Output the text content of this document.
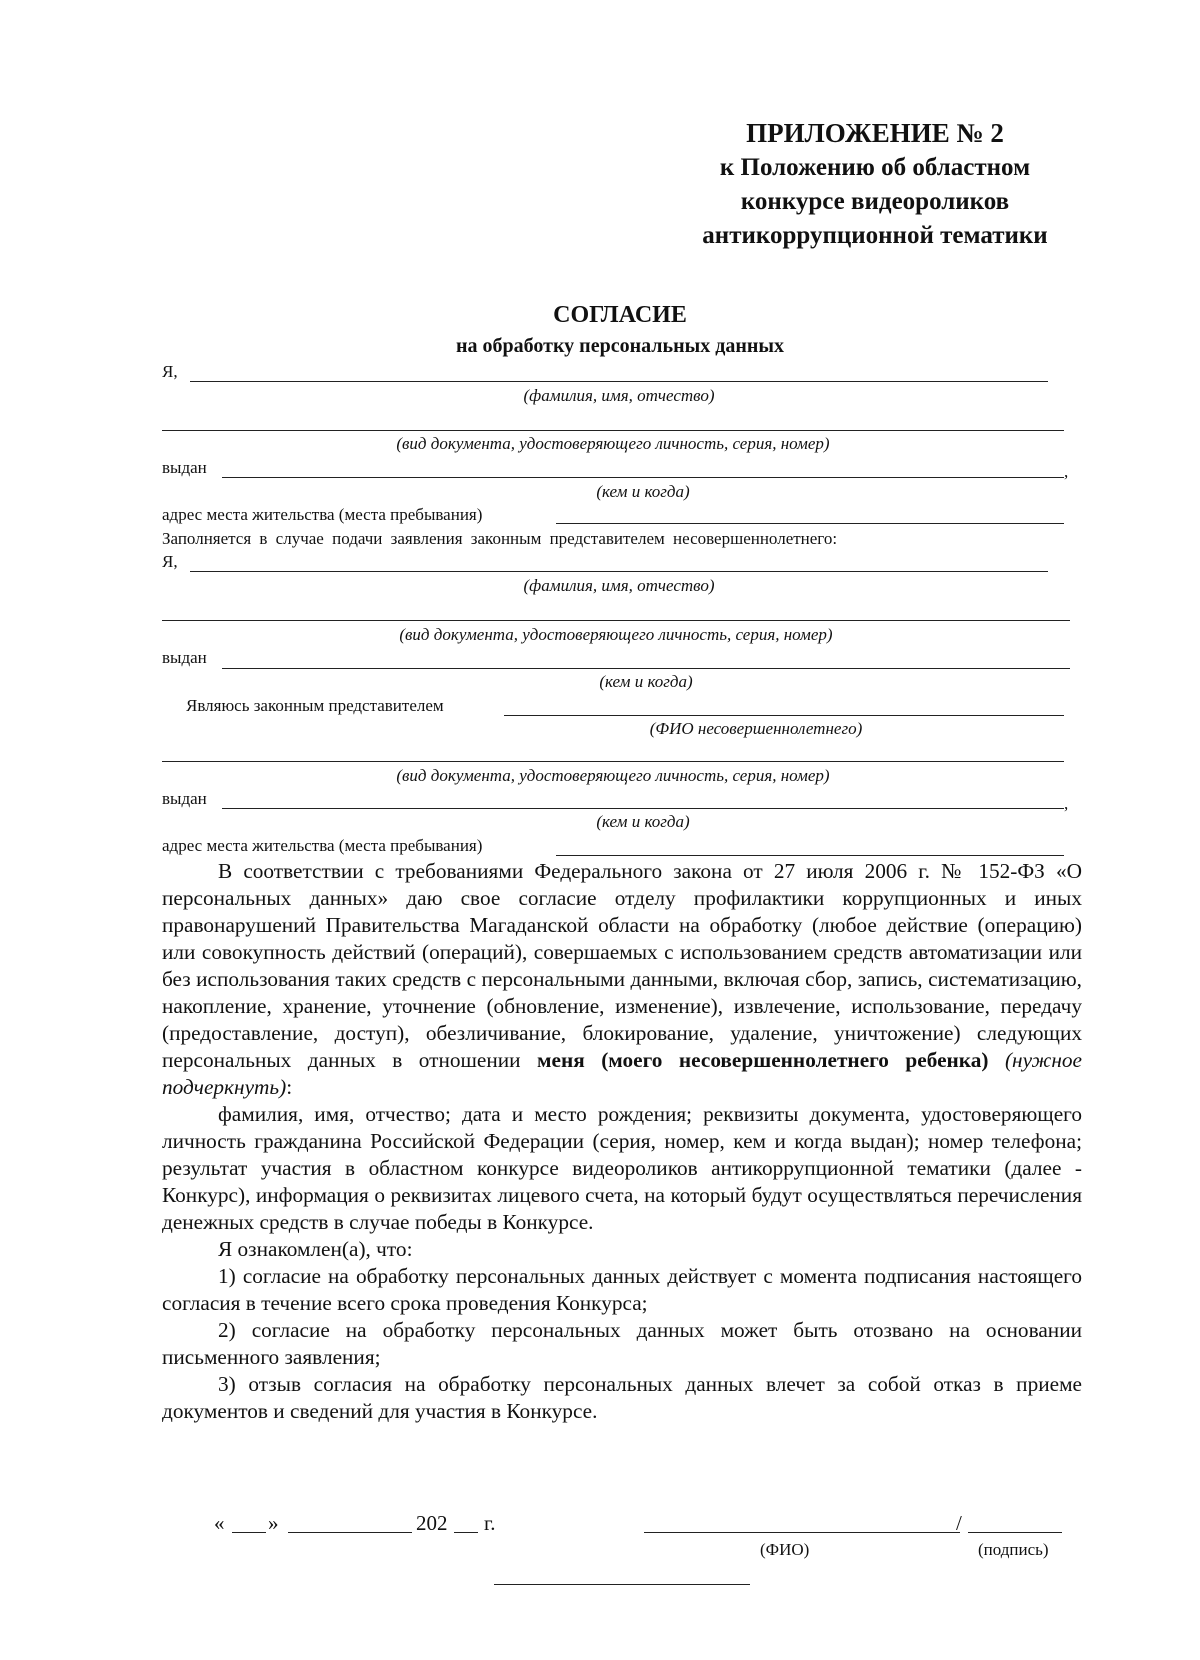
ПРИЛОЖЕНИЕ № 2
к Положению об областном
конкурсе видеороликов
антикоррупционной тематики
СОГЛАСИЕ
на обработку персональных данных
Я,
(фамилия, имя, отчество)
(вид документа, удостоверяющего личность, серия, номер)
выдан	,
(кем и когда)
адрес места жительства (места пребывания)
Заполняется в случае подачи заявления законным представителем несовершеннолетнего:
Я,
(фамилия, имя, отчество)
(вид документа, удостоверяющего личность, серия, номер)
выдан
(кем и когда)
Являюсь законным представителем
(ФИО несовершеннолетнего)
(вид документа, удостоверяющего личность, серия, номер)
выдан	,
(кем и когда)
адрес места жительства (места пребывания)

В соответствии с требованиями Федерального закона от 27 июля 2006 г. № 152-ФЗ «О персональных данных» даю свое согласие отделу профилактики коррупционных и иных правонарушений Правительства Магаданской области на обработку (любое действие (операцию) или совокупность действий (операций), совершаемых с использованием средств автоматизации или без использования таких средств с персональными данными, включая сбор, запись, систематизацию, накопление, хранение, уточнение (обновление, изменение), извлечение, использование, передачу (предоставление, доступ), обезличивание, блокирование, удаление, уничтожение) следующих персональных данных в отношении меня (моего несовершеннолетнего ребенка) (нужное подчеркнуть):

фамилия, имя, отчество; дата и место рождения; реквизиты документа, удостоверяющего личность гражданина Российской Федерации (серия, номер, кем и когда выдан); номер телефона; результат участия в областном конкурсе видеороликов антикоррупционной тематики (далее - Конкурс), информация о реквизитах лицевого счета, на который будут осуществляться перечисления денежных средств в случае победы в Конкурсе.

Я ознакомлен(а), что:

1) согласие на обработку персональных данных действует с момента подписания настоящего согласия в течение всего срока проведения Конкурса;

2) согласие на обработку персональных данных может быть отозвано на основании письменного заявления;

3) отзыв согласия на обработку персональных данных влечет за собой отказ в приеме документов и сведений для участия в Конкурсе.

« »	202 г.	/
(ФИО)	(подпись)
